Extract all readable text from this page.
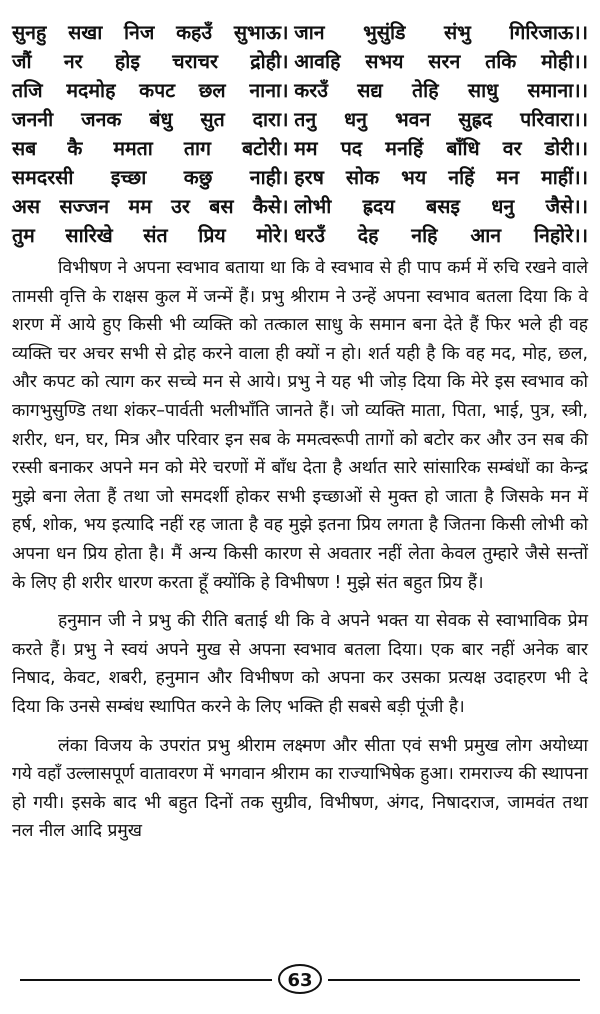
सुनहु सखा निज कहउँ सुभाऊ। जान भुसुंडि संभु गिरिजाऊ।।
जौं नर होइ चराचर द्रोही। आवहि सभय सरन तकि मोही।।
तजि मदमोह कपट छल नाना। करउँ सद्य तेहि साधु समाना।।
जननी जनक बंधु सुत दारा। तनु धनु भवन सुह्रद परिवारा।।
सब कै ममता ताग बटोरी। मम पद मनहिं बाँधि वर डोरी।।
समदरसी इच्छा कछु नाही। हरष सोक भय नहिं मन माहीं।।
अस सज्जन मम उर बस कैसे। लोभी ह्रदय बसइ धनु जैसे।।
तुम सारिखे संत प्रिय मोरे। धरउँ देह नहि आन निहोरे।।

विभीषण ने अपना स्वभाव बताया था कि वे स्वभाव से ही पाप कर्म में रुचि रखने वाले तामसी वृत्ति के राक्षस कुल में जन्में हैं। प्रभु श्रीराम ने उन्हें अपना स्वभाव बतला दिया कि वे शरण में आये हुए किसी भी व्यक्ति को तत्काल साधु के समान बना देते हैं फिर भले ही वह व्यक्ति चर अचर सभी से द्रोह करने वाला ही क्यों न हो। शर्त यही है कि वह मद, मोह, छल, और कपट को त्याग कर सच्चे मन से आये। प्रभु ने यह भी जोड़ दिया कि मेरे इस स्वभाव को कागभुसुण्डि तथा शंकर–पार्वती भलीभाँति जानते हैं। जो व्यक्ति माता, पिता, भाई, पुत्र, स्त्री, शरीर, धन, घर, मित्र और परिवार इन सब के ममत्वरूपी तागों को बटोर कर और उन सब की रस्सी बनाकर अपने मन को मेरे चरणों में बाँध देता है अर्थात सारे सांसारिक सम्बंधों का केन्द्र मुझे बना लेता हैं तथा जो समदर्शी होकर सभी इच्छाओं से मुक्त हो जाता है जिसके मन में हर्ष, शोक, भय इत्यादि नहीं रह जाता है वह मुझे इतना प्रिय लगता है जितना किसी लोभी को अपना धन प्रिय होता है। मैं अन्य किसी कारण से अवतार नहीं लेता केवल तुम्हारे जैसे सन्तों के लिए ही शरीर धारण करता हूँ क्योंकि हे विभीषण ! मुझे संत बहुत प्रिय हैं।

हनुमान जी ने प्रभु की रीति बताई थी कि वे अपने भक्त या सेवक से स्वाभाविक प्रेम करते हैं। प्रभु ने स्वयं अपने मुख से अपना स्वभाव बतला दिया। एक बार नहीं अनेक बार निषाद, केवट, शबरी, हनुमान और विभीषण को अपना कर उसका प्रत्यक्ष उदाहरण भी दे दिया कि उनसे सम्बंध स्थापित करने के लिए भक्ति ही सबसे बड़ी पूंजी है।

लंका विजय के उपरांत प्रभु श्रीराम लक्ष्मण और सीता एवं सभी प्रमुख लोग अयोध्या गये वहाँ उल्लासपूर्ण वातावरण में भगवान श्रीराम का राज्याभिषेक हुआ। रामराज्य की स्थापना हो गयी। इसके बाद भी बहुत दिनों तक सुग्रीव, विभीषण, अंगद, निषादराज, जामवंत तथा नल नील आदि प्रमुख

63
